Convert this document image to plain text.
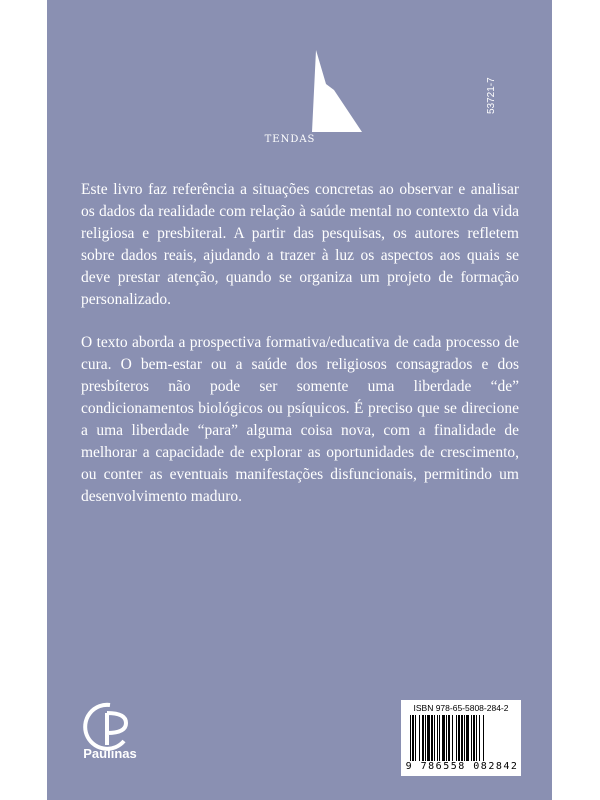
TENDAS
53721-7

Este livro faz referência a situações concretas ao observar e analisar os dados da realidade com relação à saúde mental no contexto da vida religiosa e presbiteral. A partir das pesquisas, os autores refletem sobre dados reais, ajudando a trazer à luz os aspectos aos quais se deve prestar atenção, quando se organiza um projeto de formação personalizado.

O texto aborda a prospectiva formativa/educativa de cada processo de cura. O bem-estar ou a saúde dos religiosos consagrados e dos presbíteros não pode ser somente uma liberdade “de” condicionamentos biológicos ou psíquicos. É preciso que se direcione a uma liberdade “para” alguma coisa nova, com a finalidade de melhorar a capacidade de explorar as oportunidades de crescimento, ou conter as eventuais manifestações disfuncionais, permitindo um desenvolvimento maduro.

Paulinas
ISBN 978-65-5808-284-2
9 786558 082842
